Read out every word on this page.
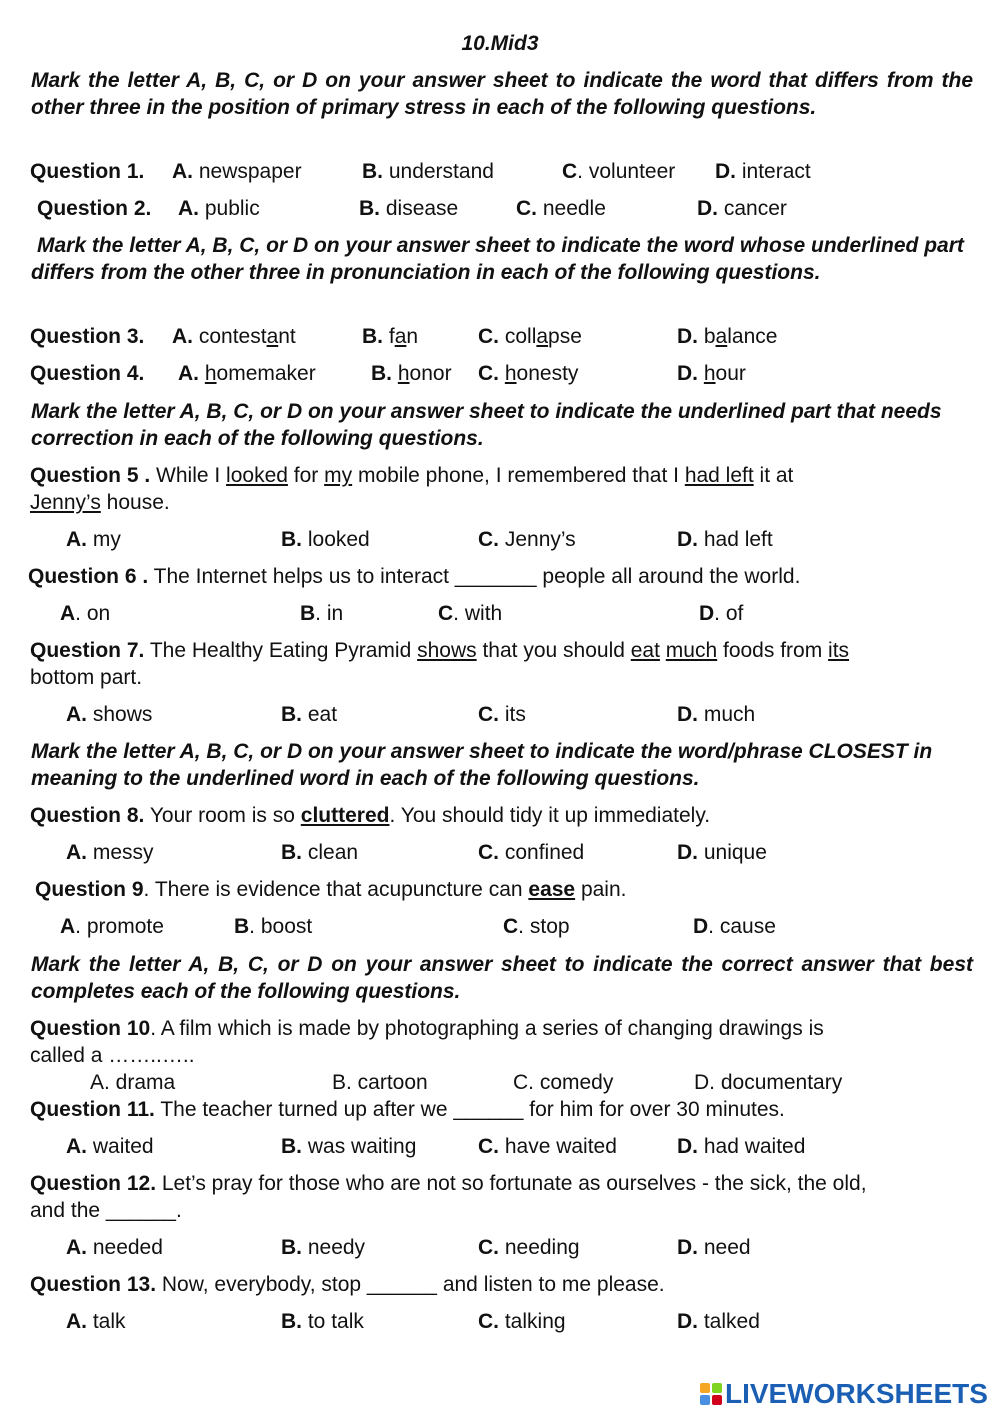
10.Mid3
Mark the letter A, B, C, or D on your answer sheet to indicate the word that differs from the other three in the position of primary stress in each of the following questions.
Question 1. A. newspaper	B. understand	C. volunteer D. interact
Question 2. A. public	B. disease	C. needle	D. cancer
Mark the letter A, B, C, or D on your answer sheet to indicate the word whose underlined part differs from the other three in pronunciation in each of the following questions.
Question 3. A. contestant	B. fan	C. collapse	D. balance
Question 4. A. homemaker	B. honor C. honesty	D. hour
Mark the letter A, B, C, or D on your answer sheet to indicate the underlined part that needs correction in each of the following questions.
Question 5 . While I looked for my mobile phone, I remembered that I had left it at
Jenny’s house.
A. my	B. looked	C. Jenny’s	D. had left
Question 6 . The Internet helps us to interact _______ people all around the world.
A. on	B. in	C. with	D. of
Question 7. The Healthy Eating Pyramid shows that you should eat much foods from its
bottom part.
A. shows	B. eat	C. its	D. much
Mark the letter A, B, C, or D on your answer sheet to indicate the word/phrase CLOSEST in meaning to the underlined word in each of the following questions.
Question 8. Your room is so cluttered. You should tidy it up immediately.
A. messy	B. clean	C. confined	D. unique
Question 9. There is evidence that acupuncture can ease pain.
A. promote	B. boost	C. stop	D. cause
Mark the letter A, B, C, or D on your answer sheet to indicate the correct answer that best completes each of the following questions.
Question 10. A film which is made by photographing a series of changing drawings is
called a ……..…..
A. drama	B. cartoon	C. comedy	D. documentary
Question 11. The teacher turned up after we ______ for him for over 30 minutes.
A. waited	B. was waiting	C. have waited	D. had waited
Question 12. Let’s pray for those who are not so fortunate as ourselves - the sick, the old,
and the ______.
A. needed	B. needy	C. needing	D. need
Question 13. Now, everybody, stop ______ and listen to me please.
A. talk	B. to talk	C. talking	D. talked
LIVEWORKSHEETS
